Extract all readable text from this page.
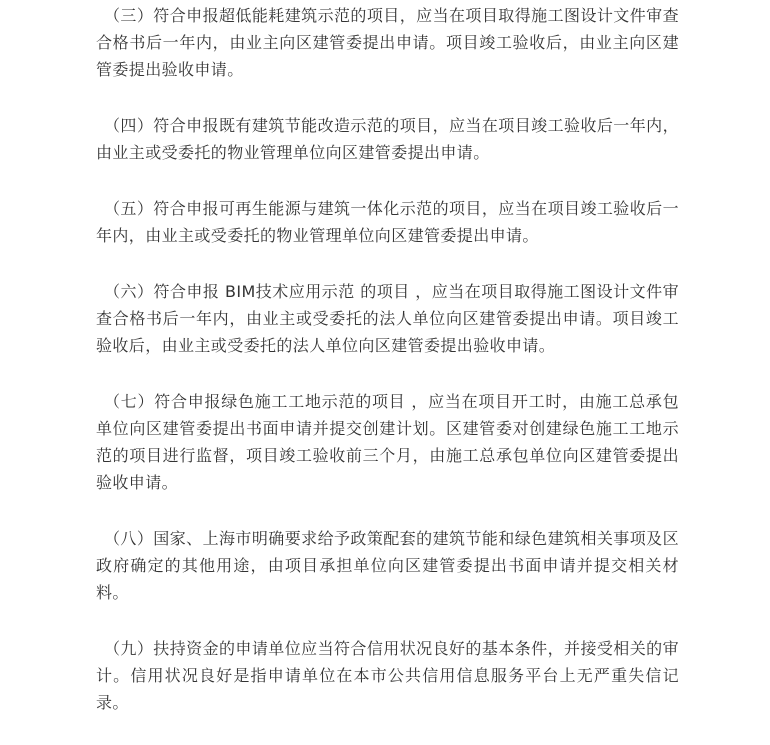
（三）符合申报超低能耗建筑示范的项目，应当在项目取得施工图设计文件审查合格书后一年内，由业主向区建管委提出申请。项目竣工验收后，由业主向区建管委提出验收申请。

（四）符合申报既有建筑节能改造示范的项目，应当在项目竣工验收后一年内，由业主或受委托的物业管理单位向区建管委提出申请。

（五）符合申报可再生能源与建筑一体化示范的项目，应当在项目竣工验收后一年内，由业主或受委托的物业管理单位向区建管委提出申请。

（六）符合申报 BIM技术应用示范 的项目 ，应当在项目取得施工图设计文件审查合格书后一年内，由业主或受委托的法人单位向区建管委提出申请。项目竣工验收后，由业主或受委托的法人单位向区建管委提出验收申请。

（七）符合申报绿色施工工地示范的项目 ，应当在项目开工时，由施工总承包单位向区建管委提出书面申请并提交创建计划。区建管委对创建绿色施工工地示范的项目进行监督，项目竣工验收前三个月，由施工总承包单位向区建管委提出验收申请。

（八）国家、上海市明确要求给予政策配套的建筑节能和绿色建筑相关事项及区政府确定的其他用途，由项目承担单位向区建管委提出书面申请并提交相关材料。

（九）扶持资金的申请单位应当符合信用状况良好的基本条件，并接受相关的审计。信用状况良好是指申请单位在本市公共信用信息服务平台上无严重失信记录。
